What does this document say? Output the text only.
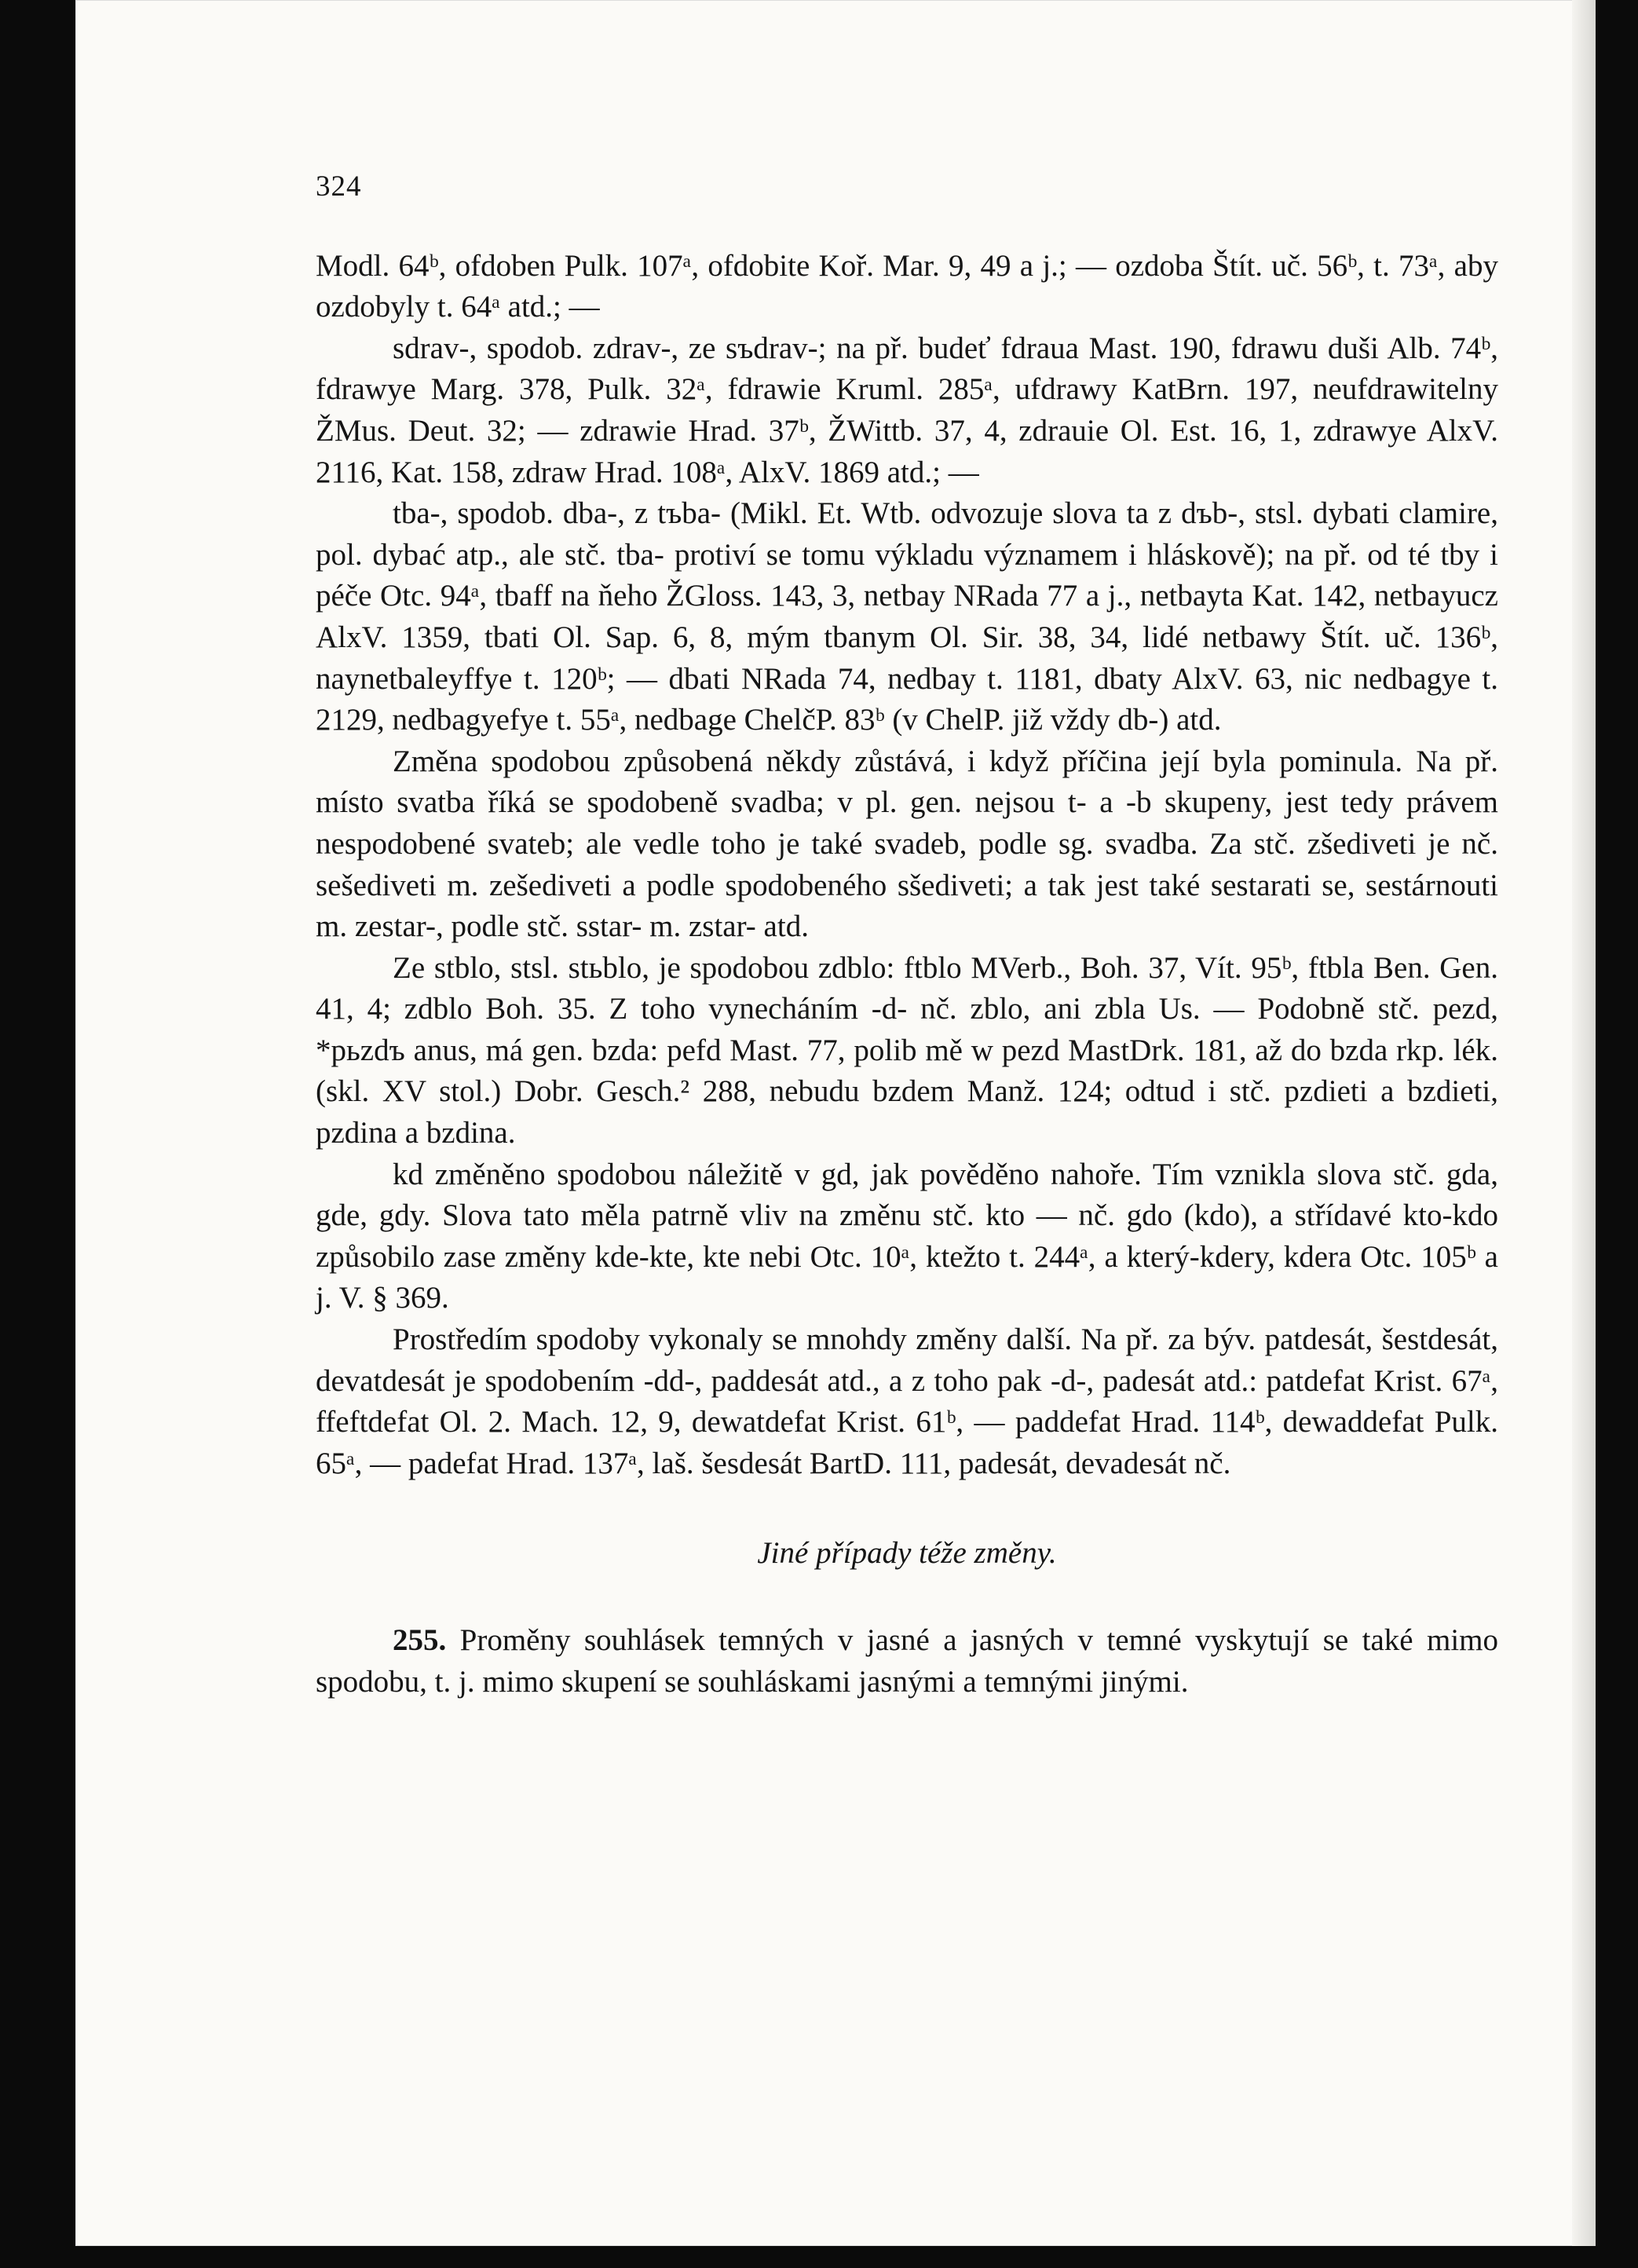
324

Modl. 64ᵇ, ofdoben Pulk. 107ᵃ, ofdobite Koř. Mar. 9, 49 a j.; — ozdoba Štít. uč. 56ᵇ, t. 73ᵃ, aby ozdobyly t. 64ᵃ atd.; —

sdrav-, spodob. zdrav-, ze sъdrav-; na př. budeť fdraua Mast. 190, fdrawu duši Alb. 74ᵇ, fdrawye Marg. 378, Pulk. 32ᵃ, fdrawie Kruml. 285ᵃ, ufdrawy KatBrn. 197, neufdrawitelny ŽMus. Deut. 32; — zdrawie Hrad. 37ᵇ, ŽWittb. 37, 4, zdrauie Ol. Est. 16, 1, zdrawye AlxV. 2116, Kat. 158, zdraw Hrad. 108ᵃ, AlxV. 1869 atd.; —

tba-, spodob. dba-, z tъba- (Mikl. Et. Wtb. odvozuje slova ta z dъb-, stsl. dybati clamire, pol. dybać atp., ale stč. tba- protiví se tomu výkladu významem i hláskově); na př. od té tby i péče Otc. 94ᵃ, tbaff na ňeho ŽGloss. 143, 3, netbay NRada 77 a j., netbayta Kat. 142, netbayucz AlxV. 1359, tbati Ol. Sap. 6, 8, mým tbanym Ol. Sir. 38, 34, lidé netbawy Štít. uč. 136ᵇ, naynetbaleyffye t. 120ᵇ; — dbati NRada 74, nedbay t. 1181, dbaty AlxV. 63, nic nedbagye t. 2129, nedbagyefye t. 55ᵃ, nedbage ChelčP. 83ᵇ (v ChelP. již vždy db-) atd.

Změna spodobou způsobená někdy zůstává, i když příčina její byla pominula. Na př. místo svatba říká se spodobeně svadba; v pl. gen. nejsou t- a -b skupeny, jest tedy právem nespodobené svateb; ale vedle toho je také svadeb, podle sg. svadba. Za stč. zšediveti je nč. sešediveti m. zešediveti a podle spodobeného sšediveti; a tak jest také sestarati se, sestárnouti m. zestar-, podle stč. sstar- m. zstar- atd.

Ze stblo, stsl. stьblo, je spodobou zdblo: ftblo MVerb., Boh. 37, Vít. 95ᵇ, ftbla Ben. Gen. 41, 4; zdblo Boh. 35. Z toho vynecháním -d- nč. zblo, ani zbla Us. — Podobně stč. pezd, *pьzdъ anus, má gen. bzda: pefd Mast. 77, polib mě w pezd MastDrk. 181, až do bzda rkp. lék. (skl. XV stol.) Dobr. Gesch.² 288, nebudu bzdem Manž. 124; odtud i stč. pzdieti a bzdieti, pzdina a bzdina.

kd změněno spodobou náležitě v gd, jak pověděno nahoře. Tím vznikla slova stč. gda, gde, gdy. Slova tato měla patrně vliv na změnu stč. kto — nč. gdo (kdo), a střídavé kto-kdo způsobilo zase změny kde-kte, kte nebi Otc. 10ᵃ, ktežto t. 244ᵃ, a který-kdery, kdera Otc. 105ᵇ a j. V. § 369.

Prostředím spodoby vykonaly se mnohdy změny další. Na př. za býv. patdesát, šestdesát, devatdesát je spodobením -dd-, paddesát atd., a z toho pak -d-, padesát atd.: patdefat Krist. 67ᵃ, ffeftdefat Ol. 2. Mach. 12, 9, dewatdefat Krist. 61ᵇ, — paddefat Hrad. 114ᵇ, dewaddefat Pulk. 65ᵃ, — padefat Hrad. 137ᵃ, laš. šesdesát BartD. 111, padesát, devadesát nč.

Jiné případy téže změny.

255. Proměny souhlásek temných v jasné a jasných v temné vyskytují se také mimo spodobu, t. j. mimo skupení se souhláskami jasnými a temnými jinými.
